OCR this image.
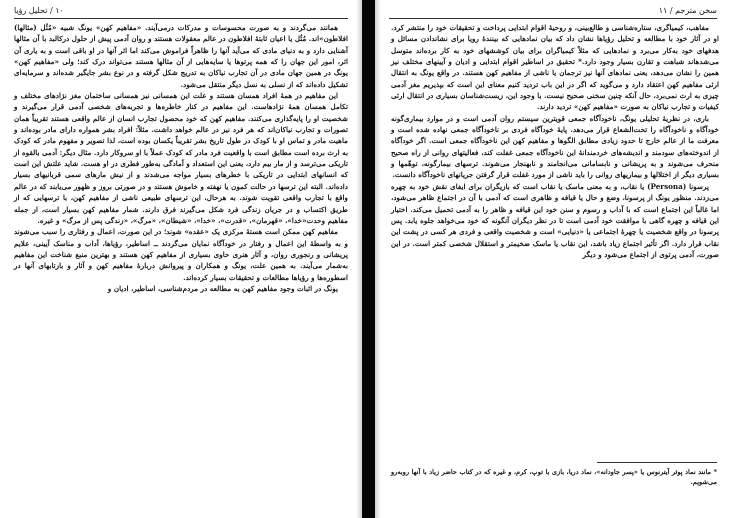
۱۰ / تحلیل رؤیا

همانند می‌گردند و به صورت محسوسات و مدرکات درمی‌آیند. «مفاهیم کهن» یونگ شبیه «مُثُل (مثالها) افلاطون»اند. مُثُل یا اعیان ثابتهٔ افلاطون در عالم معقولات هستند و روان آدمی پیش از حلول درکالبد با آن مثالها آشنایی دارد و به دنیای مادی که می‌آید آنها را ظاهراً فراموش می‌کند اما اثر آنها در او باقی است و به یاری آن اثر، امور این جهان را که همه پرتوها یا سایه‌هایی از آن مثالها هستند می‌تواند درک کند؛ ولی «مفاهیم کهن» یونگ در همین جهان مادی در آن تجارب نیاکان به تدریج شکل گرفته و در نوع بشر جایگیر شده‌اند و سرمایه‌ای تشکیل داده‌اند که از نسلی به نسل دیگر منتقل می‌شود.

این مفاهیم در همهٔ افراد همسان هستند و علت این همسانی نیز همسانی ساختمان مغز نژادهای مختلف و تکامل همسان همهٔ نژادهاست. این مفاهیم در کنار خاطره‌ها و تجربه‌های شخصی آدمی قرار می‌گیرند و شخصیت او را پایه‌گذاری می‌کنند. مفاهیم کهن که خود محصول تجارب انسان از عالم واقعی هستند تقریباً همان تصورات و تجارب نیاکان‌اند که هر فرد نیز در عالم خواهد داشت. مثلاً: افراد بشر همواره دارای مادر بوده‌اند و ماهیت مادر و تماس او با کودک در طول تاریخ بشر تقریباً یکسان بوده است، لذا تصویر و مفهوم مادر که کودک به ارث برده است مطابق است با واقعیت فرد مادر که کودک عملاً با او سروکار دارد. مثال دیگر: آدمی بالقوه از تاریکی می‌ترسد و از مار بیم دارد، یعنی این استعداد و آمادگی به‌طور فطری در او هست. شاید علتش این است که انسانهای ابتدایی در تاریکی با خطرهای بسیار مواجه می‌شدند و از نیش مارهای سمی قربانیهای بسیار داده‌اند. البته این ترسها در حالت کمون یا نهفته و خاموش هستند و در صورتی بروز و ظهور می‌یابند که در عالم واقع با تجارب واقعی تقویت شوند. به هرحال، این ترسهای طبیعی ناشی از مفاهیم کهن، با ترسهایی که از طریق اکتساب و در جریان زندگی فرد شکل می‌گیرند فرق دارند. شمار مفاهیم کهن بسیار است، از جمله مفاهیم وحدت«خدا»، «قهرمان»، «قدرت»، «خدا»، «شیطان»، «مرگ»، «زندگی پس از مرگ» و غیره.

مفاهیم کهن ممکن است هستهٔ مرکزی یک «عقده» شوند؛ در این صورت، اعمال و رفتاری را سبب می‌شوند و به واسطهٔ این اعمال و رفتار در خودآگاه نمایان می‌گردند ــ اساطیر، رؤیاها، آداب و مناسک آیینی، علایم پریشانی و رنجوری روان، و آثار هنری حاوی بسیاری از مفاهیم کهن هستند و بهترین منبع شناخت این مفاهیم به‌شمار می‌آیند. به همین علت، یونگ و همکاران و پیروانش دربارهٔ مفاهیم کهن و آثار و بازتابهای آنها در اسطوره‌ها و رؤیاها مطالعات و تحقیقات بسیار کرده‌اند.

یونگ در اثبات وجود مفاهیم کهن به مطالعه در مردم‌شناسی، اساطیر، ادیان و

سخن مترجم / ۱۱

مفاهب، کیمیاگری، ستاره‌شناسی و طالع‌بینی، و روحیهٔ اقوام ابتدایی پرداخت و تحقیقات خود را منتشر کرد. او در آثار خود با مطالعه و تحلیل رؤیاها نشان داد که بیان نمادهایی که بینندهٔ رویا برای نشاندادن مسائل و هدفهای خود به‌کار می‌برد و نمادهایی که مثلاً کیمیاگران برای بیان کوششهای خود به کار برده‌اند متوسل می‌شدهاند شباهت و تقارن بسیار وجود دارد.* تحقیق در اساطیر اقوام ابتدایی و ادیان و آیینهای مختلف نیز همین را نشان می‌دهد، یعنی نمادهای آنها نیز ترجمان یا ناشی از مفاهیم کهن هستند. در واقع یونگ به انتقال ارثی مفاهیم کهن اعتقاد دارد و می‌گوید که اگر در این باب تردید کنیم معنای این است که بپذیریم مغز آدمی چیزی به ارث نمی‌برد، حال آنکه چنین سخنی صحیح نیست. با وجود این، زیست‌شناسان بسیاری در انتقال ارثی کیفیات و تجارب نیاکان به صورت «مفاهیم کهن» تردید دارند.

باری، در نظریهٔ تحلیلی یونگ، ناخودآگاه جمعی قویترین سیستم روان آدمی است و در موارد بیماری‌گونه خودآگاه و ناخودآگاه را تحت‌الشعاع قرار می‌دهد. پایهٔ خودآگاه فردی بر ناخودآگاه جمعی نهاده شده است و معرفت ما از عالم خارج تا حدود زیادی مطابق الگوها و مفاهیم کهن این ناخودآگاه جمعی است. اگر خودآگاه از اندوخته‌های سودمند و اندیشه‌های خردمندانهٔ این ناخودآگاه جمعی غفلت کند، فعالیتهای روانی از راه صحیح منحرف می‌شوند و به پریشانی و نابسامانی می‌انجامند و نابهنجار می‌شوند. ترسهای بیمارگونه، توهّمها و بسیاری دیگر از اختلالها و بیماریهای روانی را باید ناشی از مورد غفلت قرار گرفتن جریانهای ناخودآگاه دانست.

پرسونا (Persona) یا نقاب، و به معنی ماسک یا نقاب است که بازیگران برای ایفای نقش خود به چهره می‌زدند. منظور یونگ از پرسونا، وضع و حال یا قیافه و ظاهری است که آدمی با آن در اجتماع ظاهر می‌شود، اما غالباً این اجتماع است که با آداب و رسوم و سنن خود این قیافه و ظاهر را به آدمی تحمیل می‌کند. اختیار این قیافه و چهره گاهی با موافقت خود آدمی است تا در نظر دیگران آنگونه که خود می‌خواهد جلوه یابد. پس پرسونا در واقع شخصیت یا چهرهٔ اجتماعی یا «دنیایی» است و شخصیت واقعی و فردی هر کسی در پشت این نقاب قرار دارد. اگر تأثیر اجتماع زیاد باشد، این نقاب یا ماسک ضخیمتر و استقلال شخصی کمتر است. در این صورت، آدمی پرتوی از اجتماع می‌شود و دیگر

* مانند نماد پوئر آیترنوس یا «پسر جاودانه»، نماد دریا، بازی با توپ، کرم، و غیره که در کتاب حاضر زیاد با آنها روبه‌رو می‌شویم.
